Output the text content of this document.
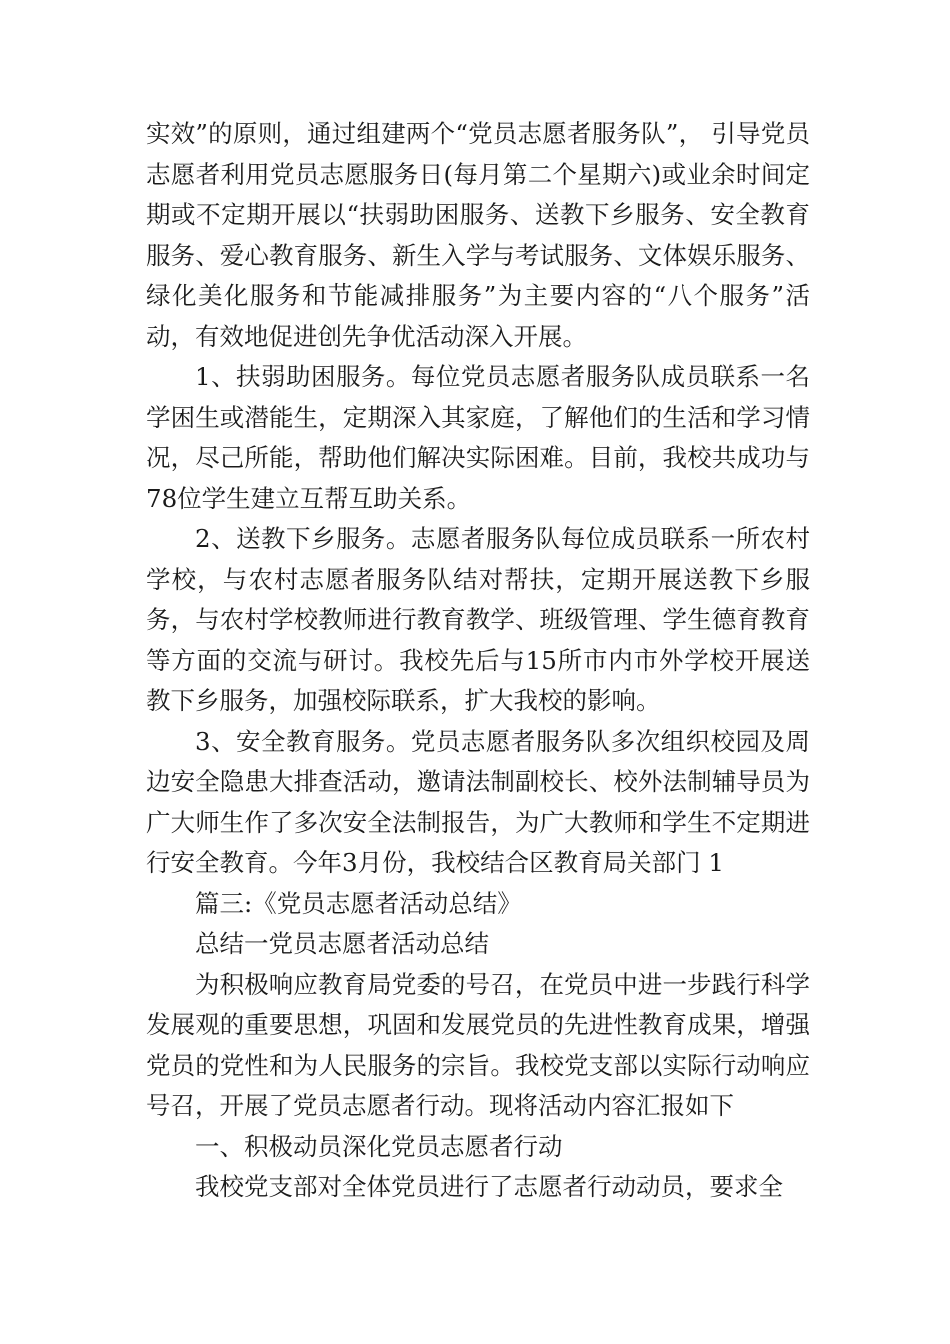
实效”的原则，通过组建两个“党员志愿者服务队”， 引导党员志愿者利用党员志愿服务日(每月第二个星期六)或业余时间定期或不定期开展以“扶弱助困服务、送教下乡服务、安全教育服务、爱心教育服务、新生入学与考试服务、文体娱乐服务、绿化美化服务和节能减排服务”为主要内容的“八个服务”活动，有效地促进创先争优活动深入开展。

1、扶弱助困服务。每位党员志愿者服务队成员联系一名学困生或潜能生，定期深入其家庭，了解他们的生活和学习情况，尽己所能，帮助他们解决实际困难。目前，我校共成功与78位学生建立互帮互助关系。

2、送教下乡服务。志愿者服务队每位成员联系一所农村学校，与农村志愿者服务队结对帮扶，定期开展送教下乡服务，与农村学校教师进行教育教学、班级管理、学生德育教育等方面的交流与研讨。我校先后与15所市内市外学校开展送教下乡服务，加强校际联系，扩大我校的影响。

3、安全教育服务。党员志愿者服务队多次组织校园及周边安全隐患大排查活动，邀请法制副校长、校外法制辅导员为广大师生作了多次安全法制报告，为广大教师和学生不定期进行安全教育。今年3月份，我校结合区教育局关部门 1

篇三:《党员志愿者活动总结》

总结一党员志愿者活动总结

为积极响应教育局党委的号召，在党员中进一步践行科学发展观的重要思想，巩固和发展党员的先进性教育成果，增强党员的党性和为人民服务的宗旨。我校党支部以实际行动响应号召，开展了党员志愿者行动。现将活动内容汇报如下

一、积极动员深化党员志愿者行动

我校党支部对全体党员进行了志愿者行动动员，要求全
